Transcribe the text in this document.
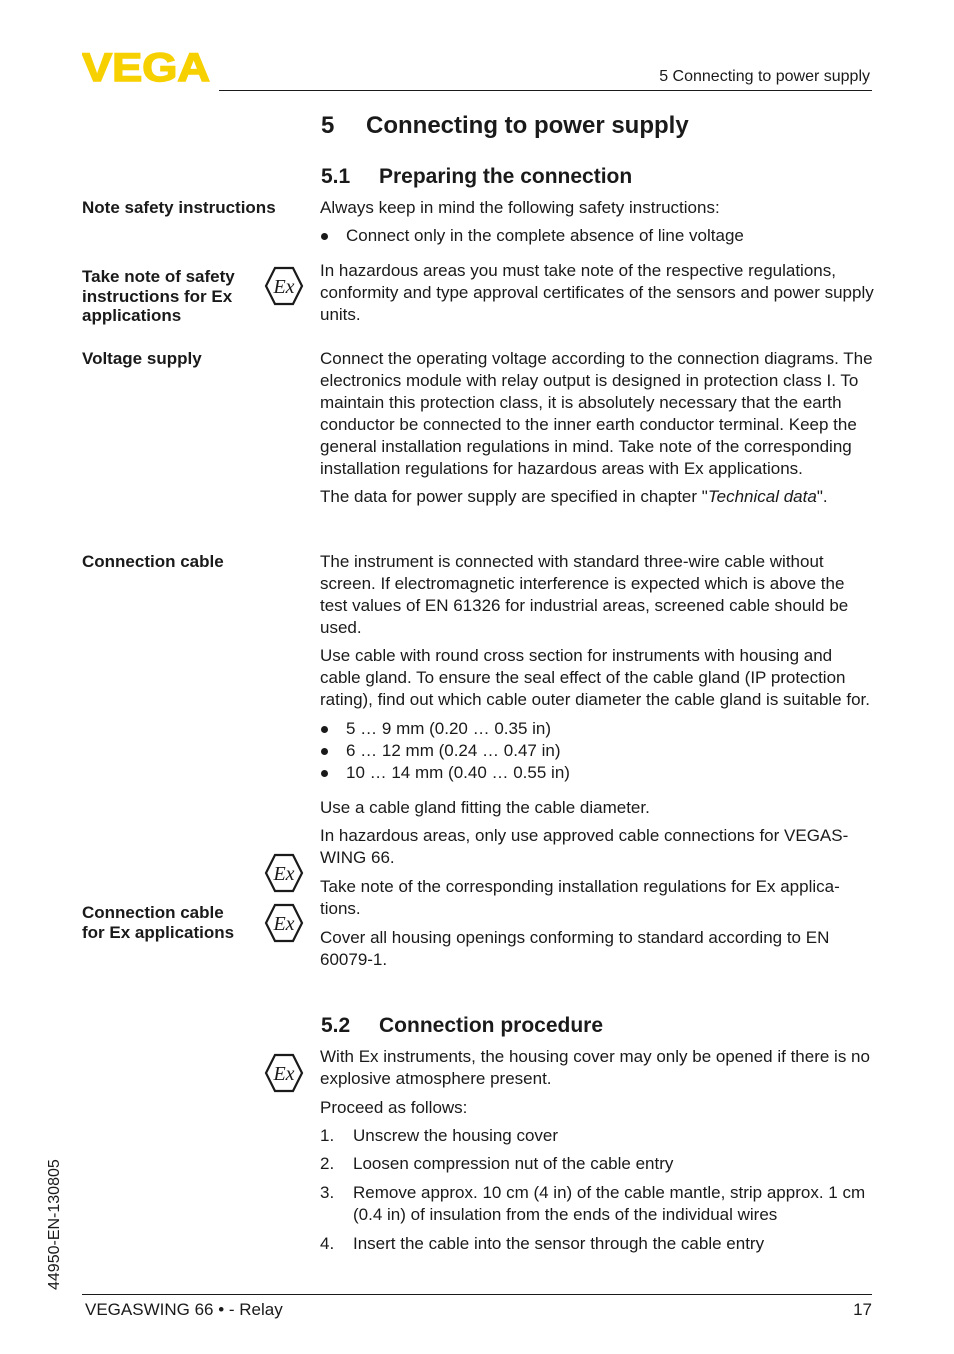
VEGA	5 Connecting to power supply
5 Connecting to power supply
5.1 Preparing the connection
Note safety instructions
Take note of safety
instructions for Ex
applications
Voltage supply
Connection cable
Connection cable
for Ex applications
Ex
Ex
Ex
Ex

Always keep in mind the following safety instructions:

Connect only in the complete absence of line voltage

In hazardous areas you must take note of the respective regulations, conformity and type approval certificates of the sensors and power supply units.

Connect the operating voltage according to the connection diagrams. The electronics module with relay output is designed in protection class I. To maintain this protection class, it is absolutely necessary that the earth conductor be connected to the inner earth conductor terminal. Keep the general installation regulations in mind. Take note of the corresponding installation regulations for hazardous areas with Ex applications.

The data for power supply are specified in chapter "Technical data".

The instrument is connected with standard three-wire cable without screen. If electromagnetic interference is expected which is above the test values of EN 61326 for industrial areas, screened cable should be used.

Use cable with round cross section for instruments with housing and cable gland. To ensure the seal effect of the cable gland (IP protection rating), find out which cable outer diameter the cable gland is suitable for.

5 … 9 mm (0.20 … 0.35 in)

6 … 12 mm (0.24 … 0.47 in)

10 … 14 mm (0.40 … 0.55 in)

Use a cable gland fitting the cable diameter.

In hazardous areas, only use approved cable connections for VEGAS-WING 66.

Take note of the corresponding installation regulations for Ex applica-tions.

Cover all housing openings conforming to standard according to EN 60079-1.

5.2 Connection procedure

With Ex instruments, the housing cover may only be opened if there is no explosive atmosphere present.

Proceed as follows:

1. Unscrew the housing cover

2. Loosen compression nut of the cable entry

3. Remove approx. 10 cm (4 in) of the cable mantle, strip approx. 1 cm (0.4 in) of insulation from the ends of the individual wires

4. Insert the cable into the sensor through the cable entry

44950-EN-130805
VEGASWING 66 • - Relay	17
